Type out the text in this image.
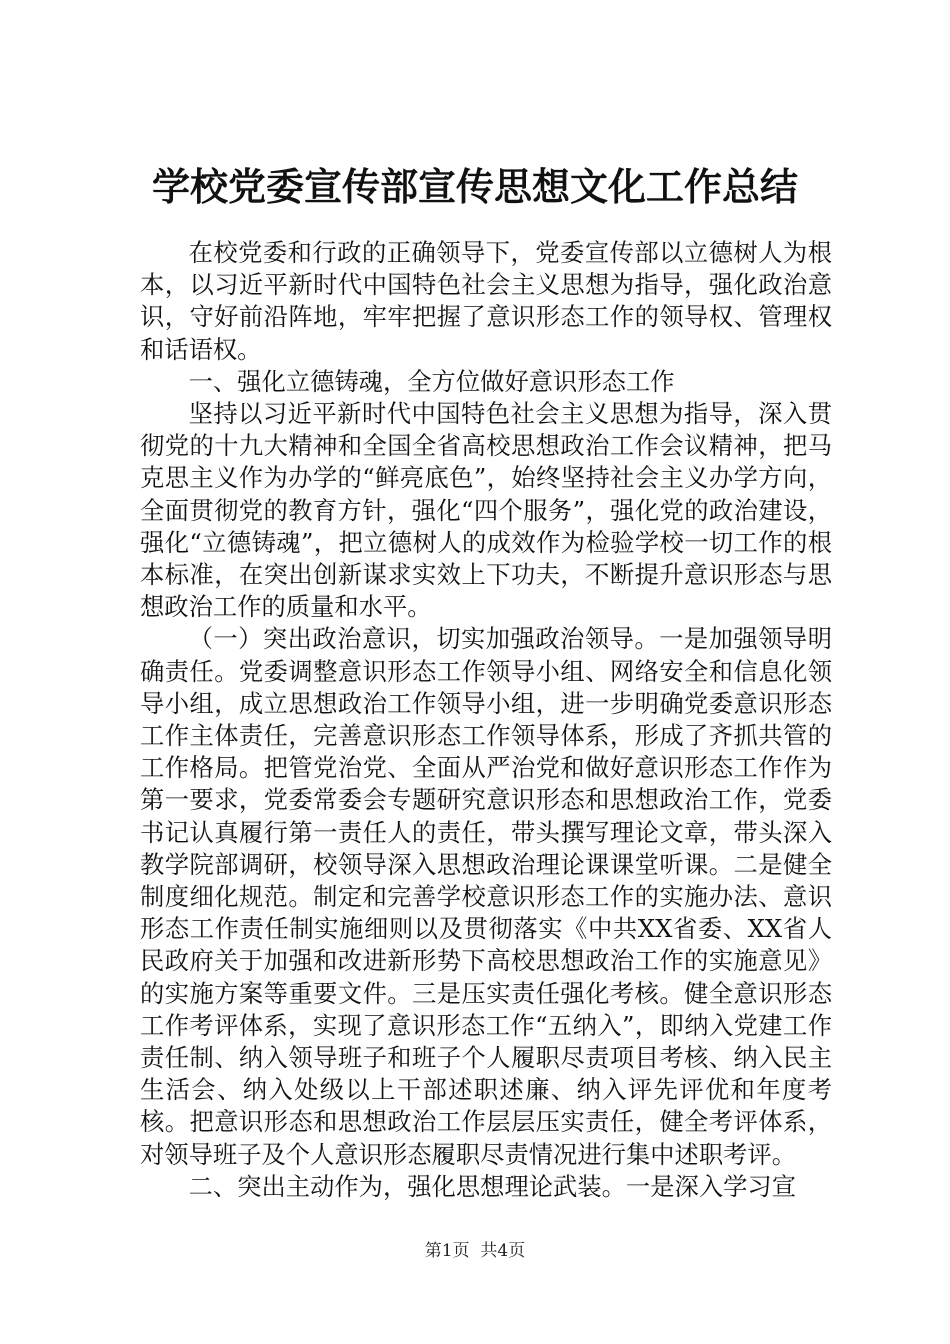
学校党委宣传部宣传思想文化工作总结

在校党委和行政的正确领导下，党委宣传部以立德树人为根本，以习近平新时代中国特色社会主义思想为指导，强化政治意识，守好前沿阵地，牢牢把握了意识形态工作的领导权、管理权和话语权。

一、强化立德铸魂，全方位做好意识形态工作

坚持以习近平新时代中国特色社会主义思想为指导，深入贯彻党的十九大精神和全国全省高校思想政治工作会议精神，把马克思主义作为办学的“鲜亮底色”，始终坚持社会主义办学方向，全面贯彻党的教育方针，强化“四个服务”，强化党的政治建设，强化“立德铸魂”，把立德树人的成效作为检验学校一切工作的根本标准，在突出创新谋求实效上下功夫，不断提升意识形态与思想政治工作的质量和水平。

（一）突出政治意识，切实加强政治领导。一是加强领导明确责任。党委调整意识形态工作领导小组、网络安全和信息化领导小组，成立思想政治工作领导小组，进一步明确党委意识形态工作主体责任，完善意识形态工作领导体系，形成了齐抓共管的工作格局。把管党治党、全面从严治党和做好意识形态工作作为第一要求，党委常委会专题研究意识形态和思想政治工作，党委书记认真履行第一责任人的责任，带头撰写理论文章，带头深入教学院部调研，校领导深入思想政治理论课课堂听课。二是健全制度细化规范。制定和完善学校意识形态工作的实施办法、意识形态工作责任制实施细则以及贯彻落实《中共XX省委、XX省人民政府关于加强和改进新形势下高校思想政治工作的实施意见》的实施方案等重要文件。三是压实责任强化考核。健全意识形态工作考评体系，实现了意识形态工作“五纳入”，即纳入党建工作责任制、纳入领导班子和班子个人履职尽责项目考核、纳入民主生活会、纳入处级以上干部述职述廉、纳入评先评优和年度考核。把意识形态和思想政治工作层层压实责任，健全考评体系，对领导班子及个人意识形态履职尽责情况进行集中述职考评。

二、突出主动作为，强化思想理论武装。一是深入学习宣

第1页 共4页
